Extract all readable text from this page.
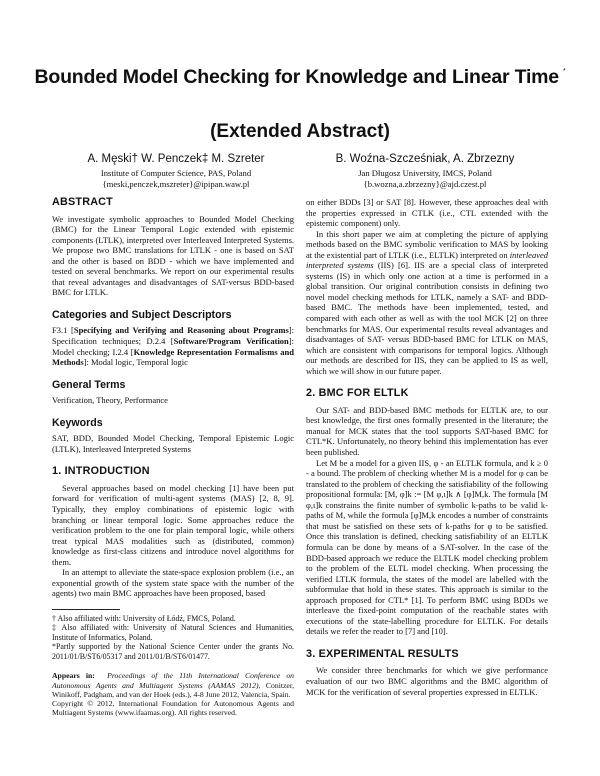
Bounded Model Checking for Knowledge and Linear Time *
(Extended Abstract)
A. Męski† W. Penczek‡ M. Szreter
Institute of Computer Science, PAS, Poland
{meski,penczek,mszreter}@ipipan.waw.pl
B. Woźna-Szcześniak, A. Zbrzezny
Jan Długosz University, IMCS, Poland
{b.wozna,a.zbrzezny}@ajd.czest.pl
ABSTRACT

We investigate symbolic approaches to Bounded Model Checking (BMC) for the Linear Temporal Logic extended with epistemic components (LTLK), interpreted over Interleaved Interpreted Systems. We propose two BMC translations for LTLK - one is based on SAT and the other is based on BDD - which we have implemented and tested on several benchmarks. We report on our experimental results that reveal advantages and disadvantages of SAT-versus BDD-based BMC for LTLK.

Categories and Subject Descriptors

F3.1 [Specifying and Verifying and Reasoning about Programs]: Specification techniques; D.2.4 [Software/Program Verification]: Model checking; I.2.4 [Knowledge Representation Formalisms and Methods]: Modal logic, Temporal logic

General Terms

Verification, Theory, Performance

Keywords

SAT, BDD, Bounded Model Checking, Temporal Epistemic Logic (LTLK), Interleaved Interpreted Systems

1. INTRODUCTION

Several approaches based on model checking [1] have been put forward for verification of multi-agent systems (MAS) [2, 8, 9]. Typically, they employ combinations of epistemic logic with branching or linear temporal logic. Some approaches reduce the verification problem to the one for plain temporal logic, while others treat typical MAS modalities such as (distributed, common) knowledge as first-class citizens and introduce novel algorithms for them.

In an attempt to alleviate the state-space explosion problem (i.e., an exponential growth of the system state space with the number of the agents) two main BMC approaches have been proposed, based

† Also affiliated with: University of Łódź, FMCS, Poland.

‡ Also affiliated with: University of Natural Sciences and Humanities, Institute of Informatics, Poland.

*Partly supported by the National Science Center under the grants No. 2011/01/B/ST6/05317 and 2011/01/B/ST6/01477.

Appears in: Proceedings of the 11th International Conference on Autonomous Agents and Multiagent Systems (AAMAS 2012), Conitzer, Winikoff, Padgham, and van der Hoek (eds.), 4-8 June 2012, Valencia, Spain.

Copyright © 2012, International Foundation for Autonomous Agents and Multiagent Systems (www.ifaamas.org). All rights reserved.

on either BDDs [3] or SAT [8]. However, these approaches deal with the properties expressed in CTLK (i.e., CTL extended with the epistemic component) only.

In this short paper we aim at completing the picture of applying methods based on the BMC symbolic verification to MAS by looking at the existential part of LTLK (i.e., ELTLK) interpreted on interleaved interpreted systems (IIS) [6]. IIS are a special class of interpreted systems (IS) in which only one action at a time is performed in a global transition. Our original contribution consists in defining two novel model checking methods for LTLK, namely a SAT- and BDD-based BMC. The methods have been implemented, tested, and compared with each other as well as with the tool MCK [2] on three benchmarks for MAS. Our experimental results reveal advantages and disadvantages of SAT- versus BDD-based BMC for LTLK on MAS, which are consistent with comparisons for temporal logics. Although our methods are described for IIS, they can be applied to IS as well, which we will show in our future paper.

2. BMC FOR ELTLK

Our SAT- and BDD-based BMC methods for ELTLK are, to our best knowledge, the first ones formally presented in the literature; the manual for MCK states that the tool supports SAT-based BMC for CTL*K. Unfortunately, no theory behind this implementation has ever been published.

Let M be a model for a given IIS, φ - an ELTLK formula, and k ≥ 0 - a bound. The problem of checking whether M is a model for φ can be translated to the problem of checking the satisfiability of the following propositional formula: [M, φ]k := [M φ,ι]k ∧ [φ]M,k. The formula [M φ,ι]k constrains the finite number of symbolic k-paths to be valid k-paths of M, while the formula [φ]M,k encodes a number of constraints that must be satisfied on these sets of k-paths for φ to be satisfied. Once this translation is defined, checking satisfiability of an ELTLK formula can be done by means of a SAT-solver. In the case of the BDD-based approach we reduce the ELTLK model checking problem to the problem of the ELTL model checking. When processing the verified LTLK formula, the states of the model are labelled with the subformulae that hold in these states. This approach is similar to the approach proposed for CTL* [1]. To perform BMC using BDDs we interleave the fixed-point computation of the reachable states with executions of the state-labelling procedure for ELTLK. For details details we refer the reader to [7] and [10].

3. EXPERIMENTAL RESULTS

We consider three benchmarks for which we give performance evaluation of our two BMC algorithms and the BMC algorithm of MCK for the verification of several properties expressed in ELTLK.
